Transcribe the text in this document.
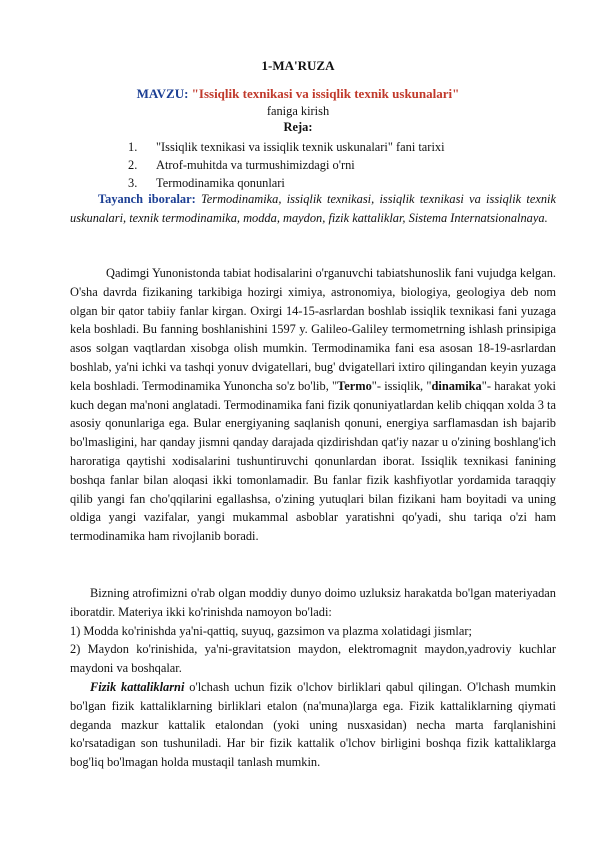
1-MA'RUZA
MAVZU: "Issiqlik texnikasi va issiqlik texnik uskunalari"
faniga kirish
Reja:
1.	"Issiqlik texnikasi va issiqlik texnik uskunalari" fani tarixi
2.	Atrof-muhitda va turmushimizdagi o'rni
3.	Termodinamika qonunlari

Tayanch iboralar: Termodinamika, issiqlik texnikasi, issiqlik texnikasi va issiqlik texnik uskunalari, texnik termodinamika, modda, maydon, fizik kattaliklar, Sistema Internatsionalnaya.

Qadimgi Yunonistonda tabiat hodisalarini o'rganuvchi tabiatshunoslik fani vujudga kelgan. O'sha davrda fizikaning tarkibiga hozirgi ximiya, astronomiya, biologiya, geologiya deb nom olgan bir qator tabiiy fanlar kirgan. Oxirgi 14-15-asrlardan boshlab issiqlik texnikasi fani yuzaga kela boshladi. Bu fanning boshlanishini 1597 y. Galileo-Galiley termometrning ishlash prinsipiga asos solgan vaqtlardan xisobga olish mumkin. Termodinamika fani esa asosan 18-19-asrlardan boshlab, ya'ni ichki va tashqi yonuv dvigatellari, bug' dvigatellari ixtiro qilingandan keyin yuzaga kela boshladi. Termodinamika Yunoncha so'z bo'lib, "Termo"- issiqlik, "dinamika"- harakat yoki kuch degan ma'noni anglatadi. Termodinamika fani fizik qonuniyatlardan kelib chiqqan xolda 3 ta asosiy qonunlariga ega. Bular energiyaning saqlanish qonuni, energiya sarflamasdan ish bajarib bo'lmasligini, har qanday jismni qanday darajada qizdirishdan qat'iy nazar u o'zining boshlang'ich haroratiga qaytishi xodisalarini tushuntiruvchi qonunlardan iborat. Issiqlik texnikasi fanining boshqa fanlar bilan aloqasi ikki tomonlamadir. Bu fanlar fizik kashfiyotlar yordamida taraqqiy qilib yangi fan cho'qqilarini egallashsa, o'zining yutuqlari bilan fizikani ham boyitadi va uning oldiga yangi vazifalar, yangi mukammal asboblar yaratishni qo'yadi, shu tariqa o'zi ham termodinamika ham rivojlanib boradi.

Bizning atrofimizni o'rab olgan moddiy dunyo doimo uzluksiz harakatda bo'lgan materiyadan iboratdir. Materiya ikki ko'rinishda namoyon bo'ladi:

1) Modda ko'rinishda ya'ni-qattiq, suyuq, gazsimon va plazma xolatidagi jismlar;

2) Maydon ko'rinishida, ya'ni-gravitatsion maydon, elektromagnit maydon,yadroviy kuchlar maydoni va boshqalar.

Fizik kattaliklarni o'lchash uchun fizik o'lchov birliklari qabul qilingan. O'lchash mumkin bo'lgan fizik kattaliklarning birliklari etalon (na'muna)larga ega. Fizik kattaliklarning qiymati deganda mazkur kattalik etalondan (yoki uning nusxasidan) necha marta farqlanishini ko'rsatadigan son tushuniladi. Har bir fizik kattalik o'lchov birligini boshqa fizik kattaliklarga bog'liq bo'lmagan holda mustaqil tanlash mumkin.
